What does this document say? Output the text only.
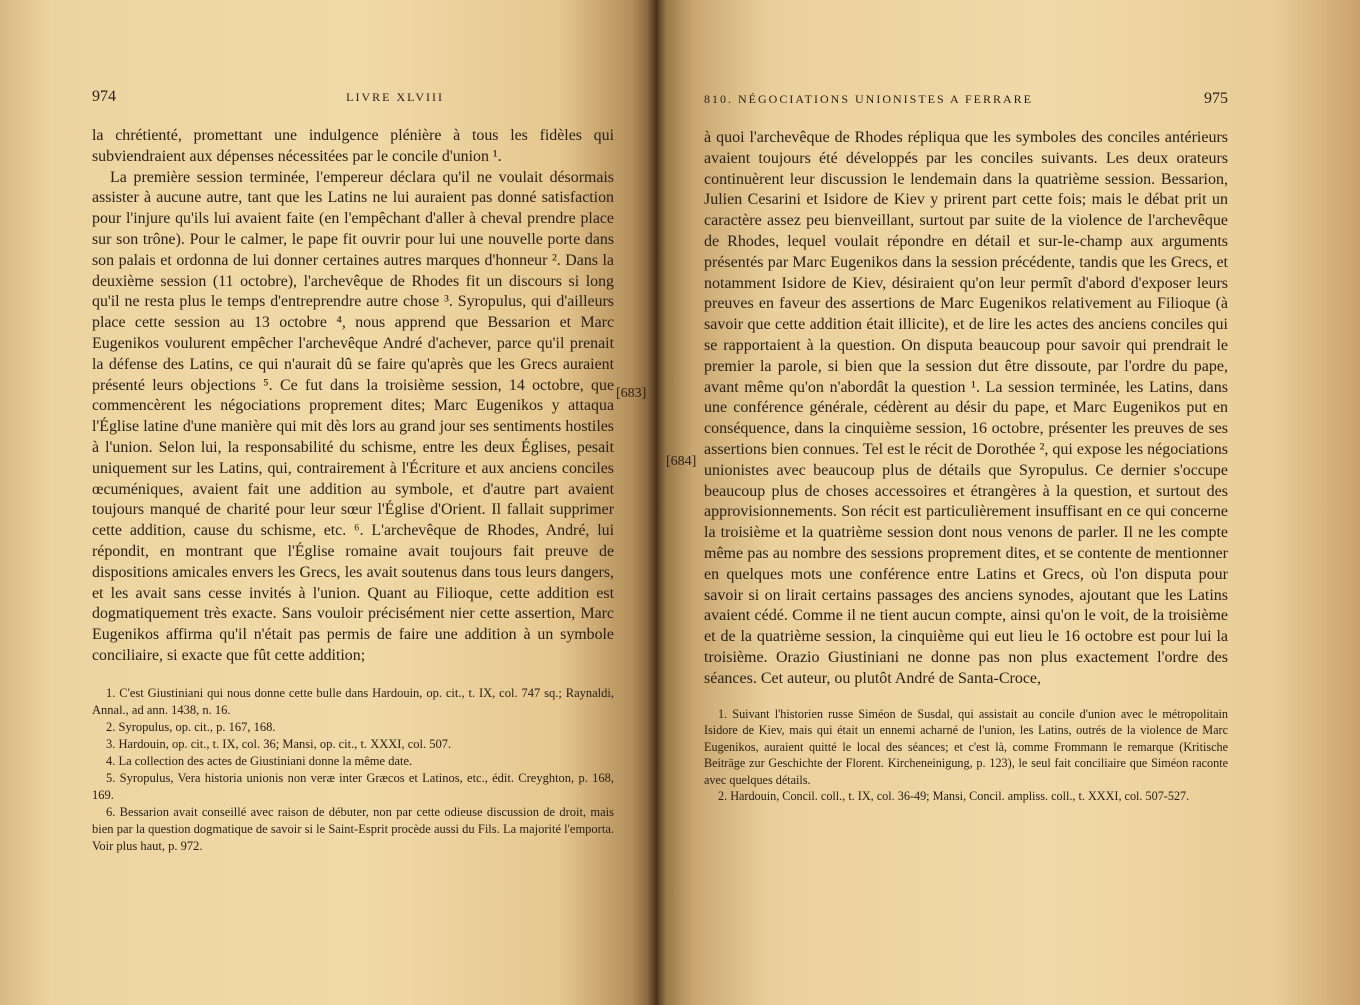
974	LIVRE XLVIII

la chrétienté, promettant une indulgence plénière à tous les fidèles qui subviendraient aux dépenses nécessitées par le concile d'union ¹.

La première session terminée, l'empereur déclara qu'il ne voulait désormais assister à aucune autre, tant que les Latins ne lui auraient pas donné satisfaction pour l'injure qu'ils lui avaient faite (en l'empêchant d'aller à cheval prendre place sur son trône). Pour le calmer, le pape fit ouvrir pour lui une nouvelle porte dans son palais et ordonna de lui donner certaines autres marques d'honneur ². Dans la deuxième session (11 octobre), l'archevêque de Rhodes fit un discours si long qu'il ne resta plus le temps d'entreprendre autre chose ³. Syropulus, qui d'ailleurs place cette session au 13 octobre ⁴, nous apprend que Bessarion et Marc Eugenikos voulurent empêcher l'archevêque André d'achever, parce qu'il prenait la défense des Latins, ce qui n'aurait dû se faire qu'après que les Grecs auraient présenté leurs objections ⁵. Ce fut dans la troisième session, 14 octobre, que commencèrent les négociations proprement dites; Marc Eugenikos y attaqua l'Église latine d'une manière qui mit dès lors au grand jour ses sentiments hostiles à l'union. Selon lui, la responsabilité du schisme, entre les deux Églises, pesait uniquement sur les Latins, qui, contrairement à l'Écriture et aux anciens conciles œcuméniques, avaient fait une addition au symbole, et d'autre part avaient toujours manqué de charité pour leur sœur l'Église d'Orient. Il fallait supprimer cette addition, cause du schisme, etc. ⁶. L'archevêque de Rhodes, André, lui répondit, en montrant que l'Église romaine avait toujours fait preuve de dispositions amicales envers les Grecs, les avait soutenus dans tous leurs dangers, et les avait sans cesse invités à l'union. Quant au Filioque, cette addition est dogmatiquement très exacte. Sans vouloir précisément nier cette assertion, Marc Eugenikos affirma qu'il n'était pas permis de faire une addition à un symbole conciliaire, si exacte que fût cette addition;

1. C'est Giustiniani qui nous donne cette bulle dans Hardouin, op. cit., t. IX, col. 747 sq.; Raynaldi, Annal., ad ann. 1438, n. 16.

2. Syropulus, op. cit., p. 167, 168.

3. Hardouin, op. cit., t. IX, col. 36; Mansi, op. cit., t. XXXI, col. 507.

4. La collection des actes de Giustiniani donne la même date.

5. Syropulus, Vera historia unionis non veræ inter Græcos et Latinos, etc., édit. Creyghton, p. 168, 169.

6. Bessarion avait conseillé avec raison de débuter, non par cette odieuse discussion de droit, mais bien par la question dogmatique de savoir si le Saint-Esprit procède aussi du Fils. La majorité l'emporta. Voir plus haut, p. 972.

810. NÉGOCIATIONS UNIONISTES A FERRARE	975

à quoi l'archevêque de Rhodes répliqua que les symboles des conciles antérieurs avaient toujours été développés par les conciles suivants. Les deux orateurs continuèrent leur discussion le lendemain dans la quatrième session. Bessarion, Julien Cesarini et Isidore de Kiev y prirent part cette fois; mais le débat prit un caractère assez peu bienveillant, surtout par suite de la violence de l'archevêque de Rhodes, lequel voulait répondre en détail et sur-le-champ aux arguments présentés par Marc Eugenikos dans la session précédente, tandis que les Grecs, et notamment Isidore de Kiev, désiraient qu'on leur permît d'abord d'exposer leurs preuves en faveur des assertions de Marc Eugenikos relativement au Filioque (à savoir que cette addition était illicite), et de lire les actes des anciens conciles qui se rapportaient à la question. On disputa beaucoup pour savoir qui prendrait le premier la parole, si bien que la session dut être dissoute, par l'ordre du pape, avant même qu'on n'abordât la question ¹. La session terminée, les Latins, dans une conférence générale, cédèrent au désir du pape, et Marc Eugenikos put en conséquence, dans la cinquième session, 16 octobre, présenter les preuves de ses assertions bien connues. Tel est le récit de Dorothée ², qui expose les négociations unionistes avec beaucoup plus de détails que Syropulus. Ce dernier s'occupe beaucoup plus de choses accessoires et étrangères à la question, et surtout des approvisionnements. Son récit est particulièrement insuffisant en ce qui concerne la troisième et la quatrième session dont nous venons de parler. Il ne les compte même pas au nombre des sessions proprement dites, et se contente de mentionner en quelques mots une conférence entre Latins et Grecs, où l'on disputa pour savoir si on lirait certains passages des anciens synodes, ajoutant que les Latins avaient cédé. Comme il ne tient aucun compte, ainsi qu'on le voit, de la troisième et de la quatrième session, la cinquième qui eut lieu le 16 octobre est pour lui la troisième. Orazio Giustiniani ne donne pas non plus exactement l'ordre des séances. Cet auteur, ou plutôt André de Santa-Croce,

1. Suivant l'historien russe Siméon de Susdal, qui assistait au concile d'union avec le métropolitain Isidore de Kiev, mais qui était un ennemi acharné de l'union, les Latins, outrés de la violence de Marc Eugenikos, auraient quitté le local des séances; et c'est là, comme Frommann le remarque (Kritische Beiträge zur Geschichte der Florent. Kircheneinigung, p. 123), le seul fait conciliaire que Siméon raconte avec quelques détails.

2. Hardouin, Concil. coll., t. IX, col. 36-49; Mansi, Concil. ampliss. coll., t. XXXI, col. 507-527.

[683]
[684]
